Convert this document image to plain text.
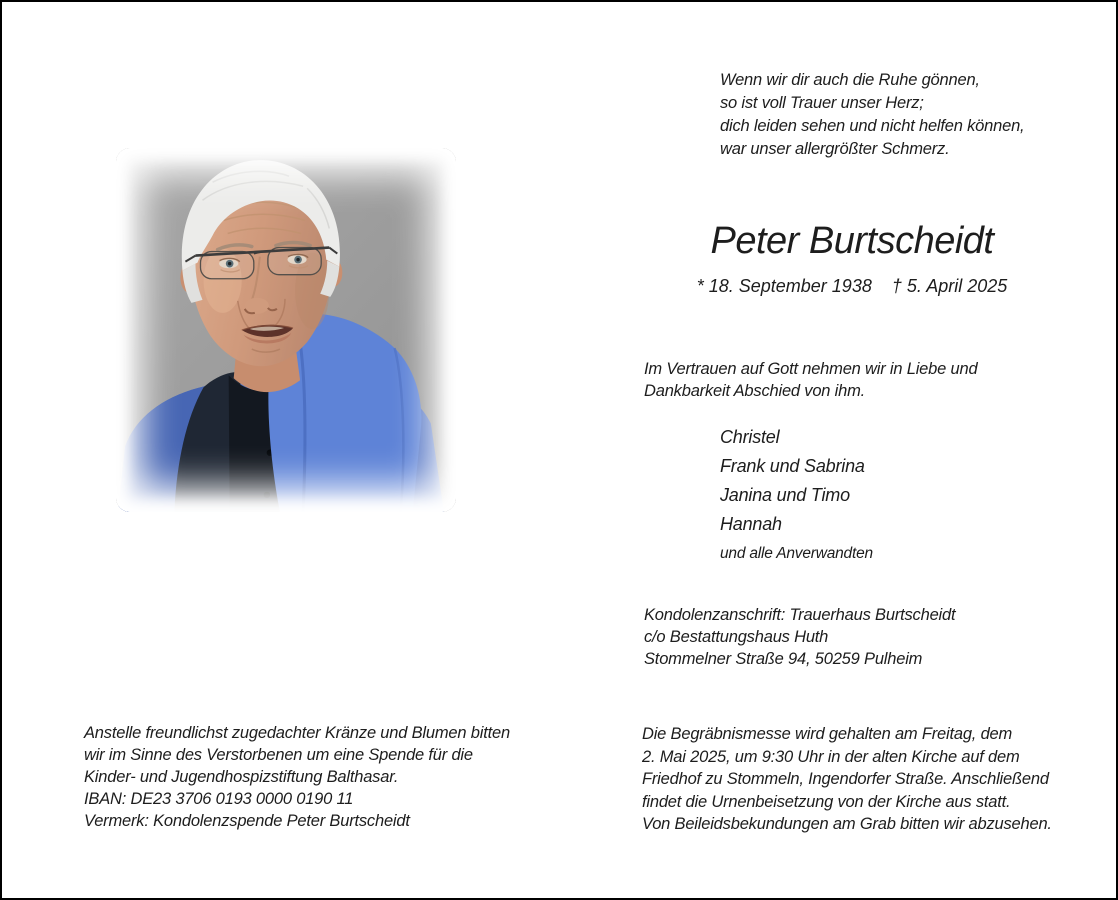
Wenn wir dir auch die Ruhe gönnen,
so ist voll Trauer unser Herz;
dich leiden sehen und nicht helfen können,
war unser allergrößter Schmerz.
Peter Burtscheidt
* 18. September 1938 † 5. April 2025
Im Vertrauen auf Gott nehmen wir in Liebe und
Dankbarkeit Abschied von ihm.
Christel
Frank und Sabrina
Janina und Timo
Hannah
und alle Anverwandten
Kondolenzanschrift: Trauerhaus Burtscheidt
c/o Bestattungshaus Huth
Stommelner Straße 94, 50259 Pulheim
Anstelle freundlichst zugedachter Kränze und Blumen bitten
wir im Sinne des Verstorbenen um eine Spende für die
Kinder- und Jugendhospizstiftung Balthasar.
IBAN: DE23 3706 0193 0000 0190 11
Vermerk: Kondolenzspende Peter Burtscheidt
Die Begräbnismesse wird gehalten am Freitag, dem
2. Mai 2025, um 9:30 Uhr in der alten Kirche auf dem
Friedhof zu Stommeln, Ingendorfer Straße. Anschließend
findet die Urnenbeisetzung von der Kirche aus statt.
Von Beileidsbekundungen am Grab bitten wir abzusehen.
